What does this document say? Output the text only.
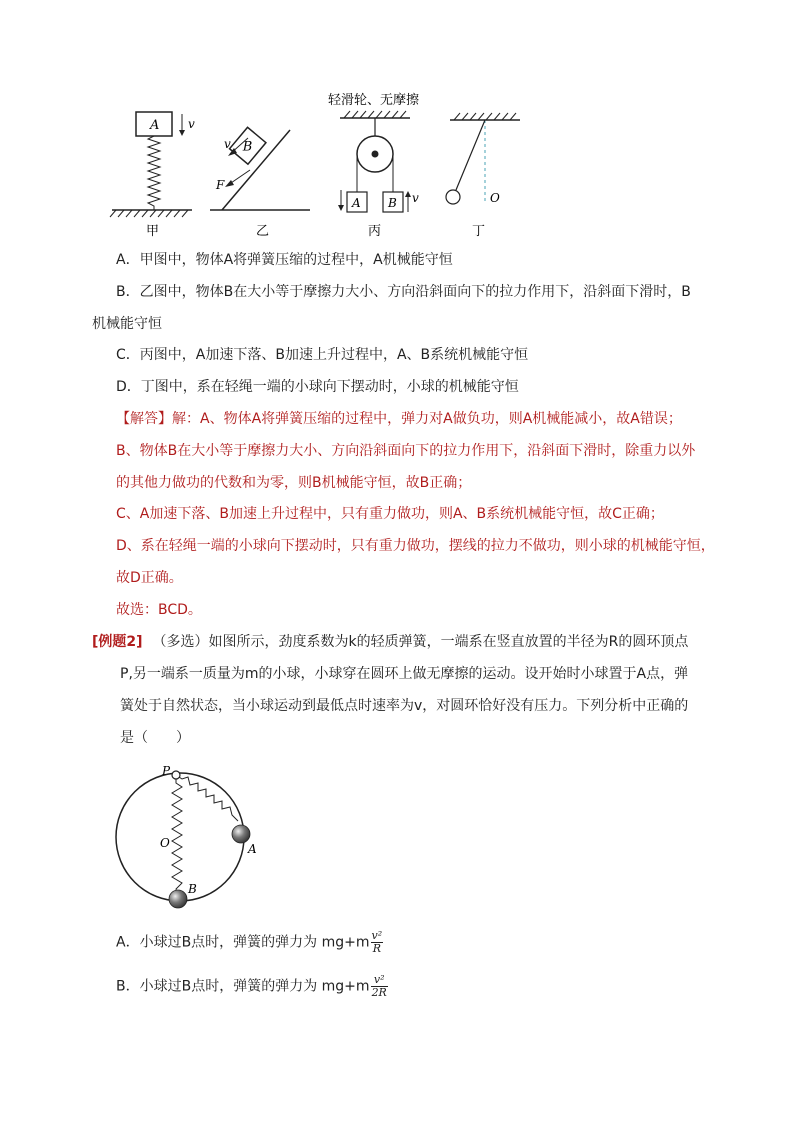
A v
B
v
F
轻滑轮、无摩擦
A B v	O
甲	乙	丙	丁
A．甲图中，物体A将弹簧压缩的过程中，A机械能守恒
B．乙图中，物体B在大小等于摩擦力大小、方向沿斜面向下的拉力作用下，沿斜面下滑时，B
机械能守恒
C．丙图中，A加速下落、B加速上升过程中，A、B系统机械能守恒
D．丁图中，系在轻绳一端的小球向下摆动时，小球的机械能守恒
【解答】解：A、物体A将弹簧压缩的过程中，弹力对A做负功，则A机械能减小，故A错误；
B、物体B在大小等于摩擦力大小、方向沿斜面向下的拉力作用下，沿斜面下滑时，除重力以外
的其他力做功的代数和为零，则B机械能守恒，故B正确；
C、A加速下落、B加速上升过程中，只有重力做功，则A、B系统机械能守恒，故C正确；
D、系在轻绳一端的小球向下摆动时，只有重力做功，摆线的拉力不做功，则小球的机械能守恒，
故D正确。
故选：BCD。
[例题2] （多选）如图所示，劲度系数为k的轻质弹簧，一端系在竖直放置的半径为R的圆环顶点
P,另一端系一质量为m的小球，小球穿在圆环上做无摩擦的运动。设开始时小球置于A点，弹
簧处于自然状态，当小球运动到最低点时速率为v，对圆环恰好没有压力。下列分析中正确的
是（　　）
P
O	A
B
A．小球过B点时，弹簧的弹力为 $mg+m \frac{\text{v²}}{R}$
B．小球过B点时，弹簧的弹力为 $mg+m \frac{\text{v²}}{2R}$
